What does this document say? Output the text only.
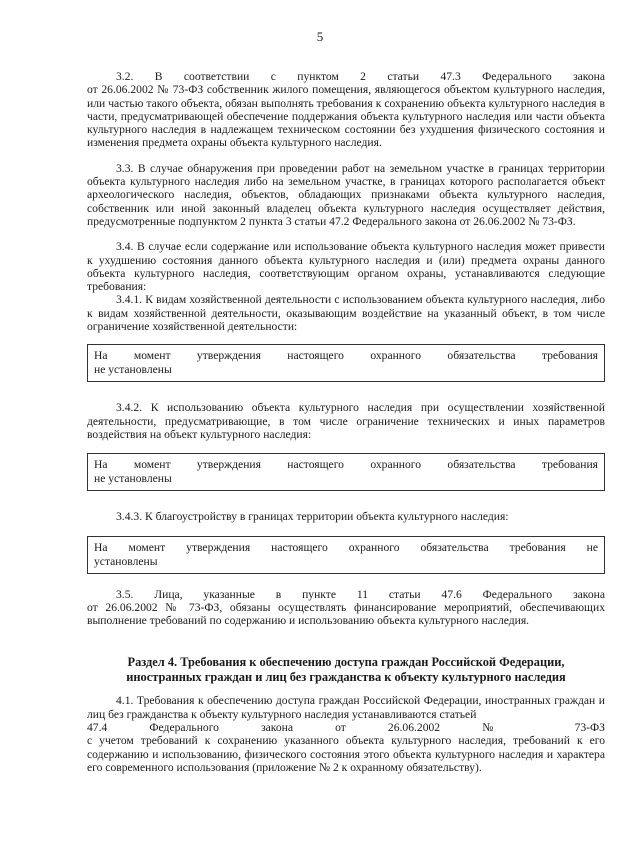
5

3.2. В соответствии с пунктом 2 статьи 47.3 Федерального закона

от 26.06.2002 № 73-ФЗ собственник жилого помещения, являющегося объектом культурного наследия, или частью такого объекта, обязан выполнять требования к сохранению объекта культурного наследия в части, предусматривающей обеспечение поддержания объекта культурного наследия или части объекта культурного наследия в надлежащем техническом состоянии без ухудшения физического состояния и изменения предмета охраны объекта культурного наследия.

3.3. В случае обнаружения при проведении работ на земельном участке в границах территории объекта культурного наследия либо на земельном участке, в границах которого располагается объект археологического наследия, объектов, обладающих признаками объекта культурного наследия, собственник или иной законный владелец объекта культурного наследия осуществляет действия, предусмотренные подпунктом 2 пункта 3 статьи 47.2 Федерального закона от 26.06.2002 № 73-ФЗ.

3.4. В случае если содержание или использование объекта культурного наследия может привести к ухудшению состояния данного объекта культурного наследия и (или) предмета охраны данного объекта культурного наследия, соответствующим органом охраны, устанавливаются следующие требования:

3.4.1. К видам хозяйственной деятельности с использованием объекта культурного наследия, либо к видам хозяйственной деятельности, оказывающим воздействие на указанный объект, в том числе ограничение хозяйственной деятельности:

На момент утверждения настоящего охранного обязательства требования
не установлены

3.4.2. К использованию объекта культурного наследия при осуществлении хозяйственной деятельности, предусматривающие, в том числе ограничение технических и иных параметров воздействия на объект культурного наследия:

На момент утверждения настоящего охранного обязательства требования
не установлены

3.4.3. К благоустройству в границах территории объекта культурного наследия:

На момент утверждения настоящего охранного обязательства требования не
установлены

3.5. Лица, указанные в пункте 11 статьи 47.6 Федерального закона

от 26.06.2002 № 73-ФЗ, обязаны осуществлять финансирование мероприятий, обеспечивающих выполнение требований по содержанию и использованию объекта культурного наследия.

Раздел 4. Требования к обеспечению доступа граждан Российской Федерации,
иностранных граждан и лиц без гражданства к объекту культурного наследия

4.1. Требования к обеспечению доступа граждан Российской Федерации, иностранных граждан и лиц без гражданства к объекту культурного наследия устанавливаются статьей

47.4 Федерального закона от 26.06.2002 № 73-ФЗ

с учетом требований к сохранению указанного объекта культурного наследия, требований к его содержанию и использованию, физического состояния этого объекта культурного наследия и характера его современного использования (приложение № 2 к охранному обязательству).
